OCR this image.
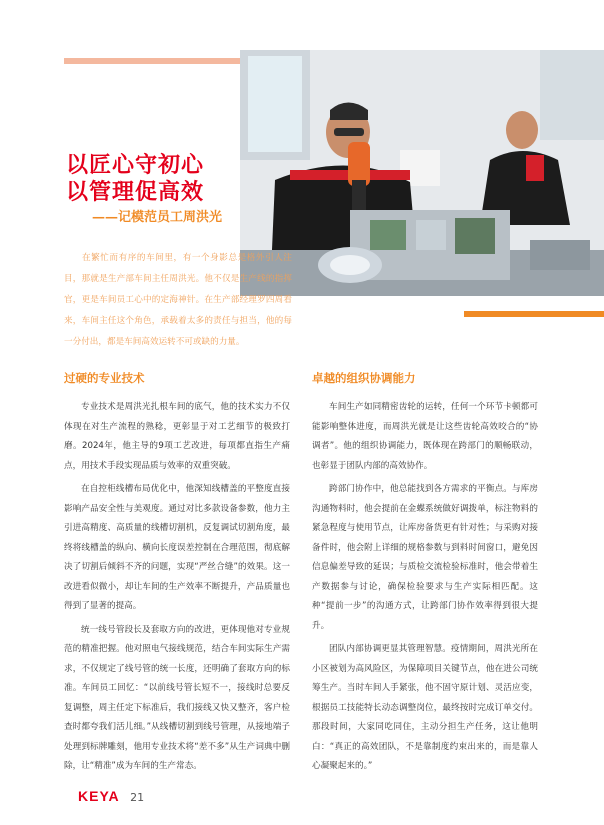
以匠心守初心
以管理促高效
——记模范员工周洪光
在繁忙而有序的车间里，有一个身影总是格外引人注目，那就是生产部车间主任周洪光。他不仅是生产线的指挥官，更是车间员工心中的定海神针。在生产部经理罗四周看来，车间主任这个角色，承载着太多的责任与担当，他的每一分付出，都是车间高效运转不可或缺的力量。
过硬的专业技术

专业技术是周洪光扎根车间的底气，他的技术实力不仅体现在对生产流程的熟稔，更彰显于对工艺细节的极致打磨。2024年，他主导的9项工艺改进，每项都直指生产痛点，用技术手段实现品质与效率的双重突破。

在自控柜线槽布局优化中，他深知线槽盖的平整度直接影响产品安全性与美观度。通过对比多款设备参数，他力主引进高精度、高质量的线槽切割机，反复调试切割角度，最终将线槽盖的纵向、横向长度误差控制在合理范围，彻底解决了切割后倾斜不齐的问题，实现“严丝合缝”的效果。这一改进看似微小，却让车间的生产效率不断提升，产品质量也得到了显著的提高。

统一线号管段长及套取方向的改进，更体现他对专业规范的精准把握。他对照电气接线规范，结合车间实际生产需求，不仅规定了线号管的统一长度，还明确了套取方向的标准。车间员工回忆：“以前线号管长短不一，接线时总要反复调整，周主任定下标准后，我们接线又快又整齐，客户检查时都夸我们活儿细。”从线槽切割到线号管理，从接地端子处理到标牌雕刻，他用专业技术将“差不多”从生产词典中删除，让“精准”成为车间的生产常态。

卓越的组织协调能力

车间生产如同精密齿轮的运转，任何一个环节卡顿都可能影响整体进度，而周洪光就是让这些齿轮高效咬合的“协调者”。他的组织协调能力，既体现在跨部门的顺畅联动，也彰显于团队内部的高效协作。

跨部门协作中，他总能找到各方需求的平衡点。与库房沟通物料时，他会提前在金蝶系统做好调拨单，标注物料的紧急程度与使用节点，让库房备货更有针对性；与采购对接备件时，他会附上详细的规格参数与到料时间窗口，避免因信息偏差导致的延误；与质检交流检验标准时，他会带着生产数据参与讨论，确保检验要求与生产实际相匹配。这种“提前一步”的沟通方式，让跨部门协作效率得到很大提升。

团队内部协调更显其管理智慧。疫情期间，周洪光所在小区被划为高风险区，为保障项目关键节点，他在进公司统筹生产。当时车间人手紧张，他不固守原计划、灵活应变，根据员工技能特长动态调整岗位，最终按时完成订单交付。那段时间，大家同吃同住，主动分担生产任务，这让他明白：“真正的高效团队，不是靠制度约束出来的，而是靠人心凝聚起来的。”

KEYA 21
